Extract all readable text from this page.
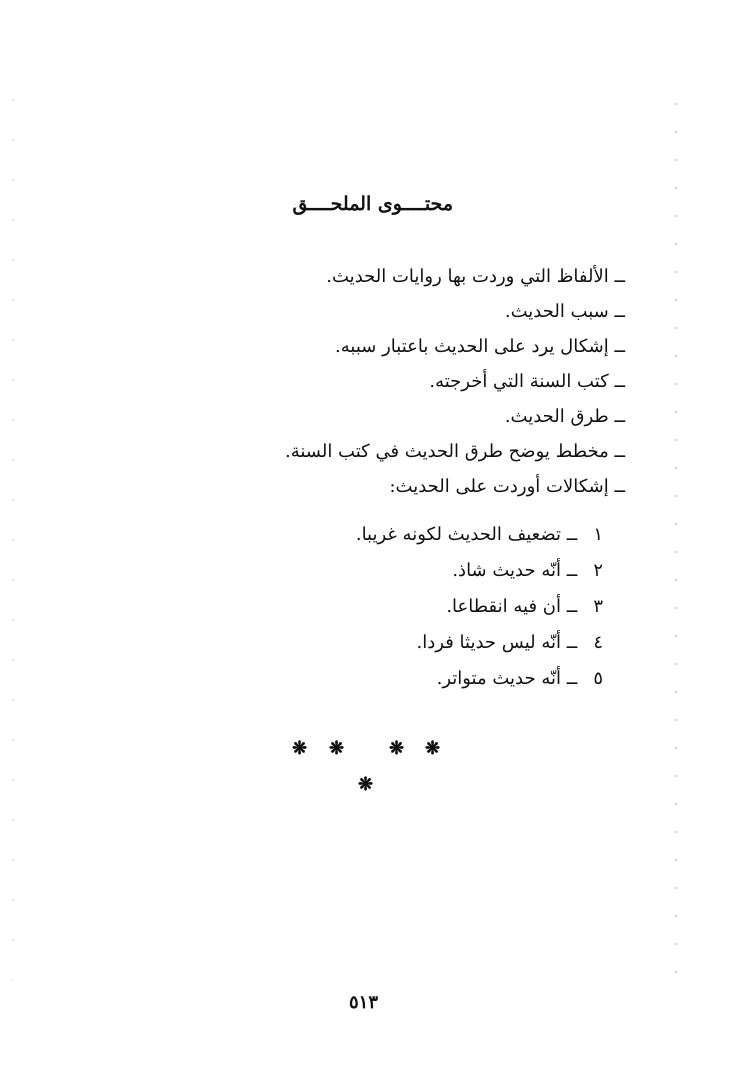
محتــــوى الملحــــق
ــ الألفاظ التي وردت بها روايات الحديث.
ــ سبب الحديث.
ــ إشكال يرد على الحديث باعتبار سببه.
ــ كتب السنة التي أخرجته.
ــ طرق الحديث.
ــ مخطط يوضح طرق الحديث في كتب السنة.
ــ إشكالات أوردت على الحديث:
١ ــ تضعيف الحديث لكونه غريبا.
٢ ــ أنّه حديث شاذ.
٣ ــ أن فيه انقطاعا.
٤ ــ أنّه ليس حديثا فردا.
٥ ــ أنّه حديث متواتر.
❋ ❋ ❋ ❋
❋
٥١٣
